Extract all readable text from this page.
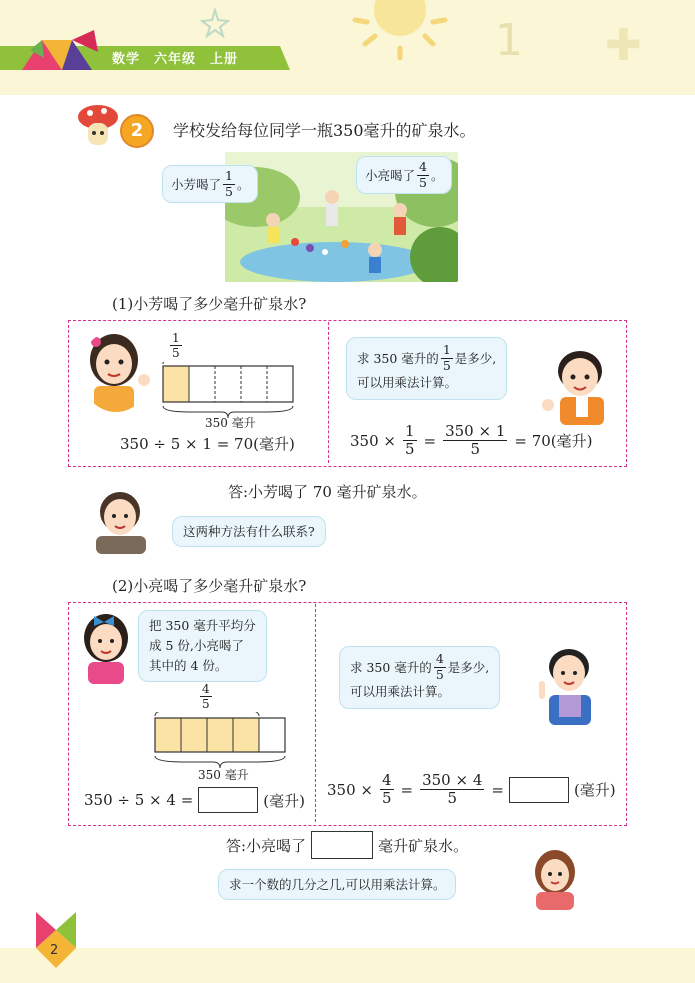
1 ✚
数学 六年级 上册
2	学校发给每位同学一瓶350毫升的矿泉水。
小芳喝了 $\frac{1}{5}$ 。
小亮喝了 $\frac{4}{5}$ 。
(1)小芳喝了多少毫升矿泉水?
$\frac{1}{5}$
350 毫升
350 ÷ 5 × 1 = 70(毫升)
求 350 毫升的 $\frac{1}{5}$ 是多少,
可以用乘法计算。
$350 \times \frac{1}{5} = \frac{350 \times 1}{5} = 70$(毫升)
答:小芳喝了 70 毫升矿泉水。
这两种方法有什么联系?
(2)小亮喝了多少毫升矿泉水?
把 350 毫升平均分
成 5 份,小亮喝了
其中的 4 份。
$\frac{4}{5}$
350 毫升
350 ÷ 5 × 4 =	(毫升)
求 350 毫升的 $\frac{4}{5}$ 是多少,
可以用乘法计算。
$350 \times \frac{4}{5} = \frac{350 \times 4}{5}$ =	(毫升)
答:小亮喝了	毫升矿泉水。
求一个数的几分之几,可以用乘法计算。
2
